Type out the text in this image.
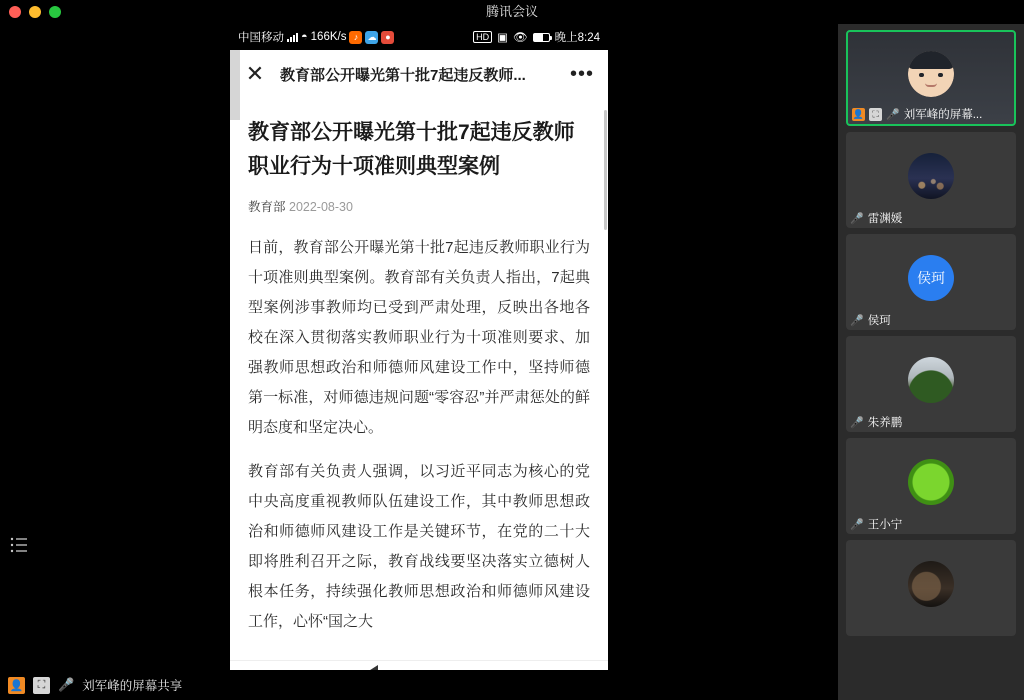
腾讯会议
中国移动 ◓ 166K/s ♪	☁ ●	HD ▣ 👁 晚上8:24
✕ 教育部公开曝光第十批7起违反教师...	•••
教育部公开曝光第十批7起违反教师职业行为十项准则典型案例
教育部 2022-08-30

日前，教育部公开曝光第十批7起违反教师职业行为十项准则典型案例。教育部有关负责人指出，7起典型案例涉事教师均已受到严肃处理，反映出各地各校在深入贯彻落实教师职业行为十项准则要求、加强教师思想政治和师德师风建设工作中，坚持师德第一标准，对师德违规问题“零容忍”并严肃惩处的鲜明态度和坚定决心。

教育部有关负责人强调，以习近平同志为核心的党中央高度重视教师队伍建设工作，其中教师思想政治和师德师风建设工作是关键环节，在党的二十大即将胜利召开之际，教育战线要坚决落实立德树人根本任务，持续强化教师思想政治和师德师风建设工作，心怀“国之大

👤	⛶ 🎤 刘军峰的屏幕共享
👤 ⛶ 🎤 刘军峰的屏幕...
🎤 雷渊媛
侯珂
🎤 侯珂
🎤 朱养鹏
🎤 王小宁
